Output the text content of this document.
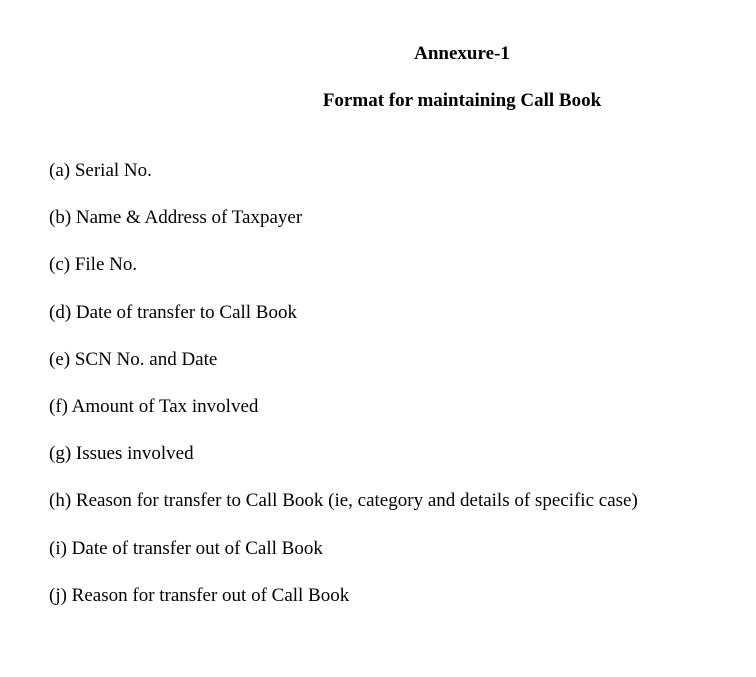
Annexure-1
Format for maintaining Call Book
(a) Serial No.
(b) Name & Address of Taxpayer
(c) File No.
(d) Date of transfer to Call Book
(e) SCN No. and Date
(f) Amount of Tax involved
(g) Issues involved
(h) Reason for transfer to Call Book (ie, category and details of specific case)
(i) Date of transfer out of Call Book
(j) Reason for transfer out of Call Book
